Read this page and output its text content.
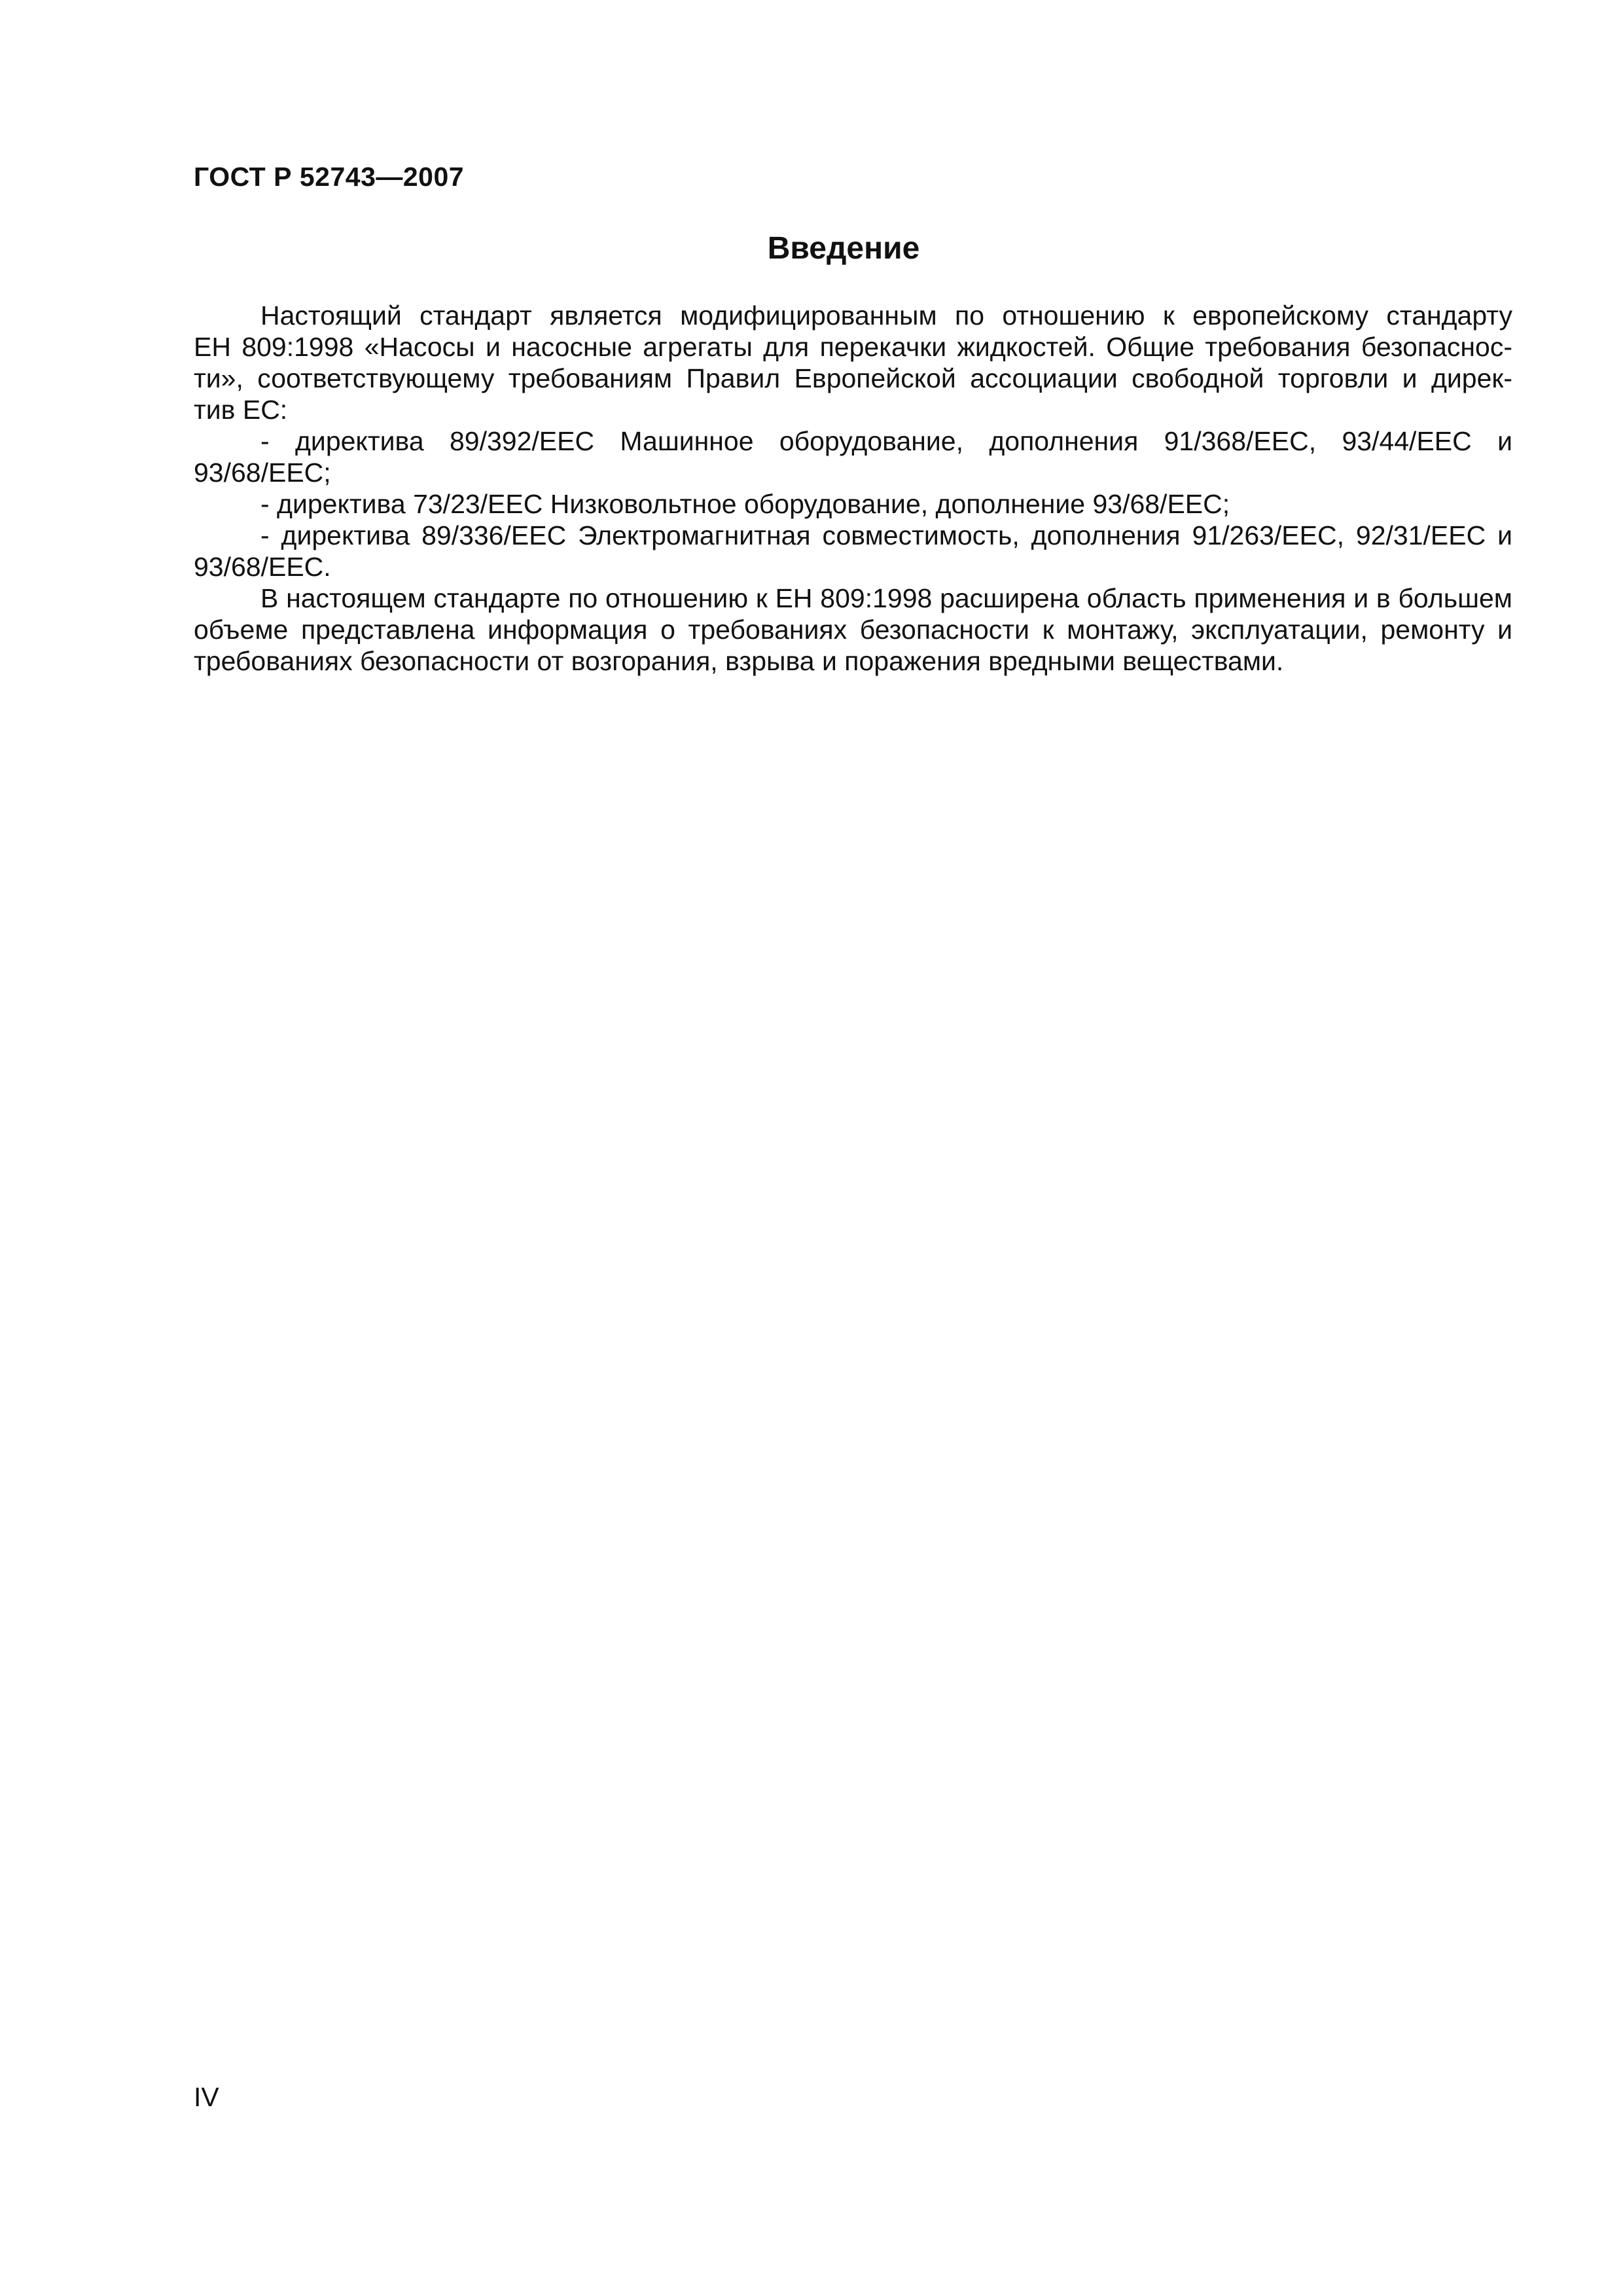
ГОСТ Р 52743—2007
Введение
Настоящий стандарт является модифицированным по отношению к европейскому стандарту
ЕН 809:1998 «Насосы и насосные агрегаты для перекачки жидкостей. Общие требования безопаснос-
ти», соответствующему требованиям Правил Европейской ассоциации свободной торговли и дирек-
тив ЕС:
- директива 89/392/ЕЕС Машинное оборудование, дополнения 91/368/ЕЕС, 93/44/ЕЕС и
93/68/ЕЕС;
- директива 73/23/ЕЕС Низковольтное оборудование, дополнение 93/68/ЕЕС;
- директива 89/336/ЕЕС Электромагнитная совместимость, дополнения 91/263/ЕЕС, 92/31/ЕЕС и
93/68/ЕЕС.
В настоящем стандарте по отношению к ЕН 809:1998 расширена область применения и в большем
объеме представлена информация о требованиях безопасности к монтажу, эксплуатации, ремонту и
требованиях безопасности от возгорания, взрыва и поражения вредными веществами.
IV
